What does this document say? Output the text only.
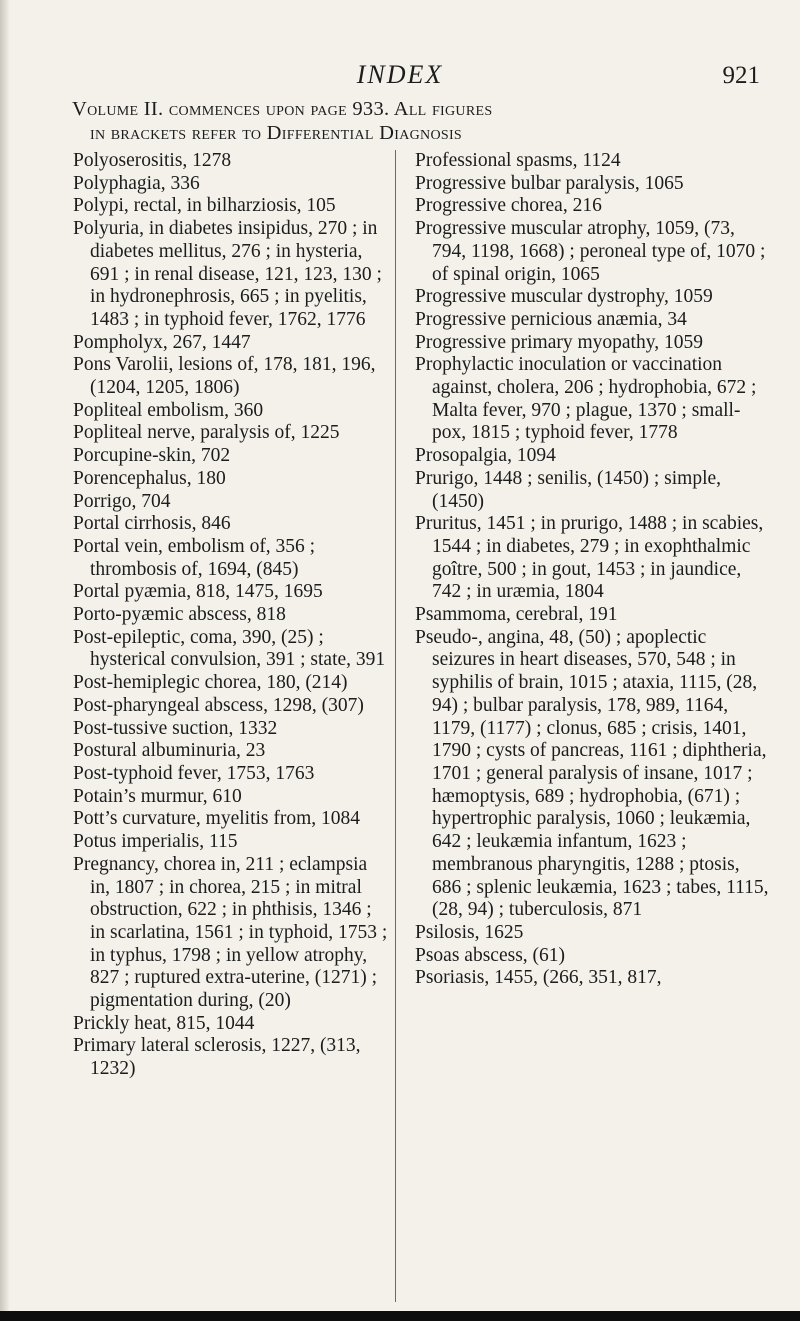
INDEX	921
Volume II. commences upon page 933. All figures
in brackets refer to Differential Diagnosis
Polyoserositis, 1278
Polyphagia, 336
Polypi, rectal, in bilharziosis, 105
Polyuria, in diabetes insipidus, 270 ; in diabetes mellitus, 276 ; in hysteria, 691 ; in renal disease, 121, 123, 130 ; in hydronephrosis, 665 ; in pyelitis, 1483 ; in typhoid fever, 1762, 1776
Pompholyx, 267, 1447
Pons Varolii, lesions of, 178, 181, 196, (1204, 1205, 1806)
Popliteal embolism, 360
Popliteal nerve, paralysis of, 1225
Porcupine-skin, 702
Porencephalus, 180
Porrigo, 704
Portal cirrhosis, 846
Portal vein, embolism of, 356 ; thrombosis of, 1694, (845)
Portal pyæmia, 818, 1475, 1695
Porto-pyæmic abscess, 818
Post-epileptic, coma, 390, (25) ; hysterical convulsion, 391 ; state, 391
Post-hemiplegic chorea, 180, (214)
Post-pharyngeal abscess, 1298, (307)
Post-tussive suction, 1332
Postural albuminuria, 23
Post-typhoid fever, 1753, 1763
Potain’s murmur, 610
Pott’s curvature, myelitis from, 1084
Potus imperialis, 115
Pregnancy, chorea in, 211 ; eclampsia in, 1807 ; in chorea, 215 ; in mitral obstruction, 622 ; in phthisis, 1346 ; in scarlatina, 1561 ; in typhoid, 1753 ; in typhus, 1798 ; in yellow atrophy, 827 ; ruptured extra-uterine, (1271) ; pigmentation during, (20)
Prickly heat, 815, 1044
Primary lateral sclerosis, 1227, (313, 1232)
Professional spasms, 1124
Progressive bulbar paralysis, 1065
Progressive chorea, 216
Progressive muscular atrophy, 1059, (73, 794, 1198, 1668) ; peroneal type of, 1070 ; of spinal origin, 1065
Progressive muscular dystrophy, 1059
Progressive pernicious anæmia, 34
Progressive primary myopathy, 1059
Prophylactic inoculation or vaccination against, cholera, 206 ; hydrophobia, 672 ; Malta fever, 970 ; plague, 1370 ; small-pox, 1815 ; typhoid fever, 1778
Prosopalgia, 1094
Prurigo, 1448 ; senilis, (1450) ; simple, (1450)
Pruritus, 1451 ; in prurigo, 1488 ; in scabies, 1544 ; in diabetes, 279 ; in exophthalmic goître, 500 ; in gout, 1453 ; in jaundice, 742 ; in uræmia, 1804
Psammoma, cerebral, 191
Pseudo-, angina, 48, (50) ; apoplectic seizures in heart diseases, 570, 548 ; in syphilis of brain, 1015 ; ataxia, 1115, (28, 94) ; bulbar paralysis, 178, 989, 1164, 1179, (1177) ; clonus, 685 ; crisis, 1401, 1790 ; cysts of pancreas, 1161 ; diphtheria, 1701 ; general paralysis of insane, 1017 ; hæmoptysis, 689 ; hydrophobia, (671) ; hypertrophic paralysis, 1060 ; leukæmia, 642 ; leukæmia infantum, 1623 ; membranous pharyngitis, 1288 ; ptosis, 686 ; splenic leukæmia, 1623 ; tabes, 1115, (28, 94) ; tuberculosis, 871
Psilosis, 1625
Psoas abscess, (61)
Psoriasis, 1455, (266, 351, 817,
